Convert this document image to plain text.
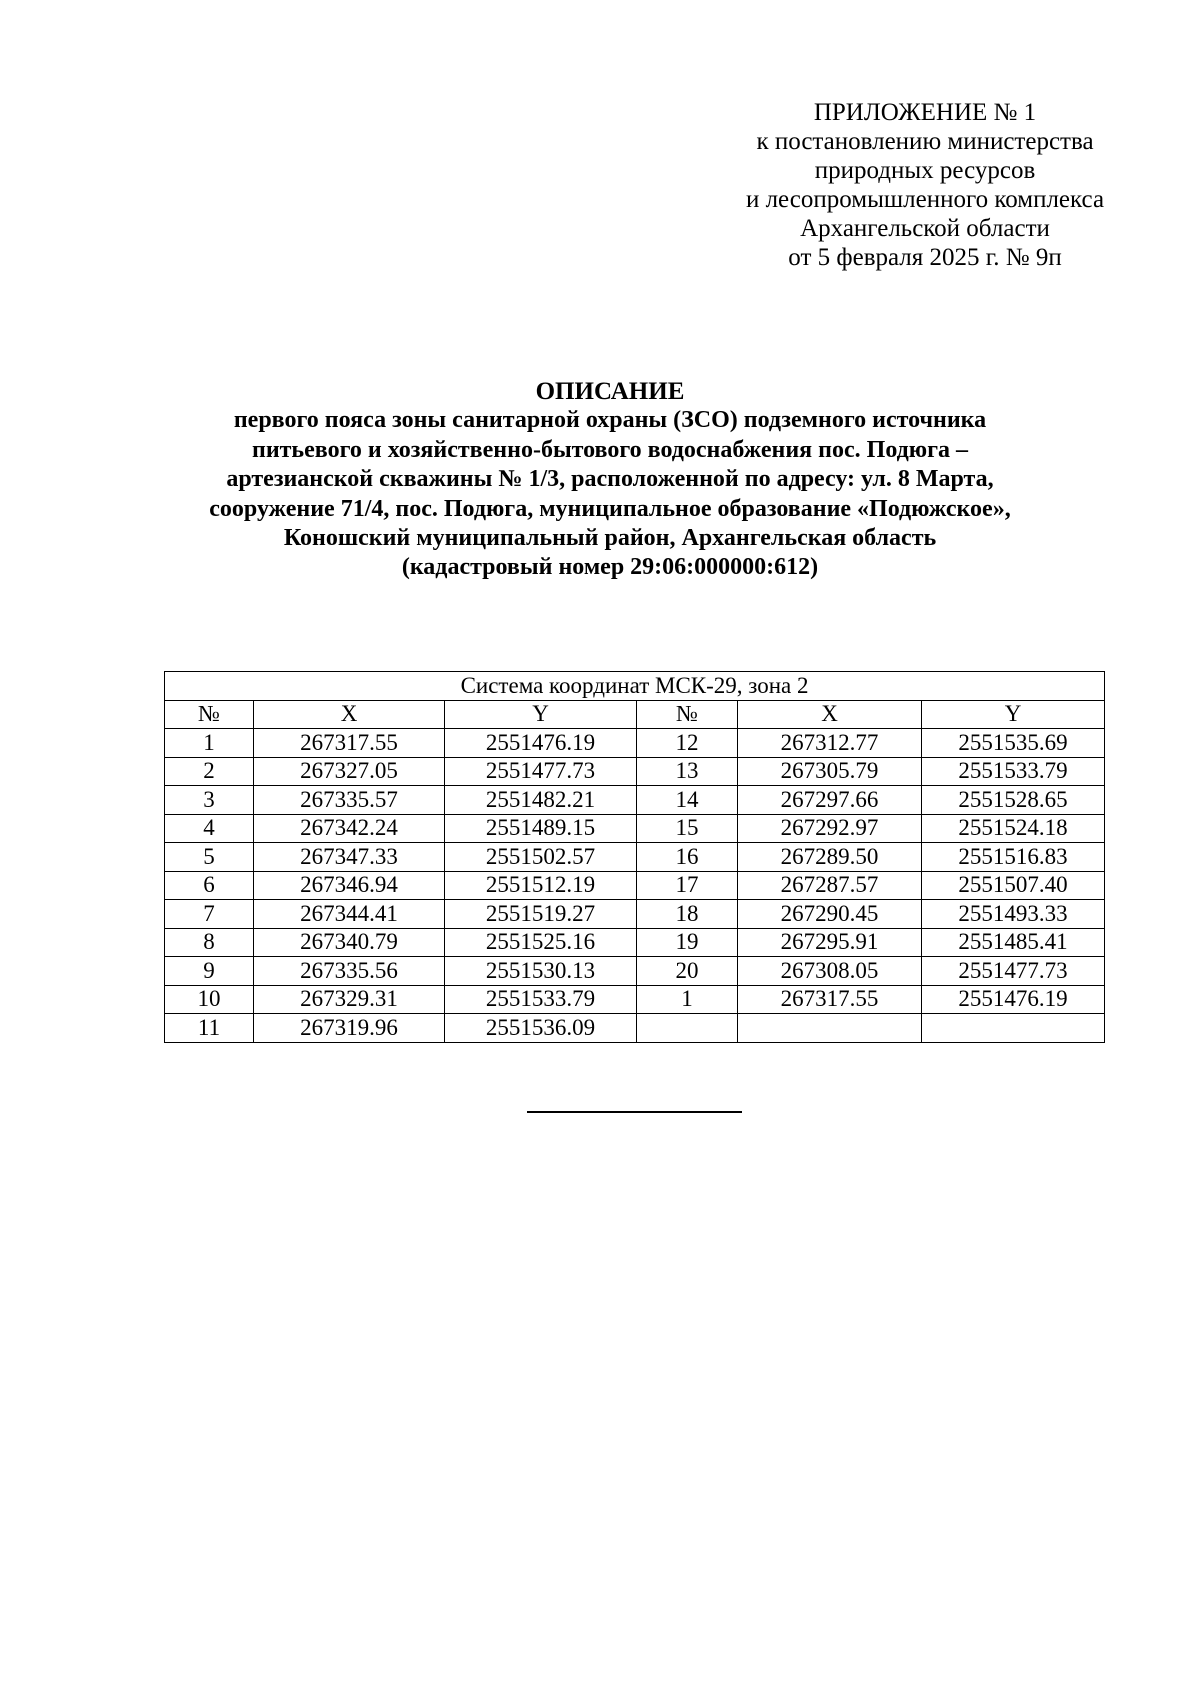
ПРИЛОЖЕНИЕ № 1
к постановлению министерства
природных ресурсов
и лесопромышленного комплекса
Архангельской области
от 5 февраля 2025 г. № 9п
ОПИСАНИЕ
первого пояса зоны санитарной охраны (ЗСО) подземного источника
питьевого и хозяйственно-бытового водоснабжения пос. Подюга –
артезианской скважины № 1/3, расположенной по адресу: ул. 8 Марта,
сооружение 71/4, пос. Подюга, муниципальное образование «Подюжское»,
Коношский муниципальный район, Архангельская область
(кадастровый номер 29:06:000000:612)
Система координат МСК-29, зона 2					
№	X	Y	№	X	Y
1	267317.55	2551476.19	12	267312.77	2551535.69
2	267327.05	2551477.73	13	267305.79	2551533.79
3	267335.57	2551482.21	14	267297.66	2551528.65
4	267342.24	2551489.15	15	267292.97	2551524.18
5	267347.33	2551502.57	16	267289.50	2551516.83
6	267346.94	2551512.19	17	267287.57	2551507.40
7	267344.41	2551519.27	18	267290.45	2551493.33
8	267340.79	2551525.16	19	267295.91	2551485.41
9	267335.56	2551530.13	20	267308.05	2551477.73
10	267329.31	2551533.79	1	267317.55	2551476.19
11	267319.96	2551536.09			
